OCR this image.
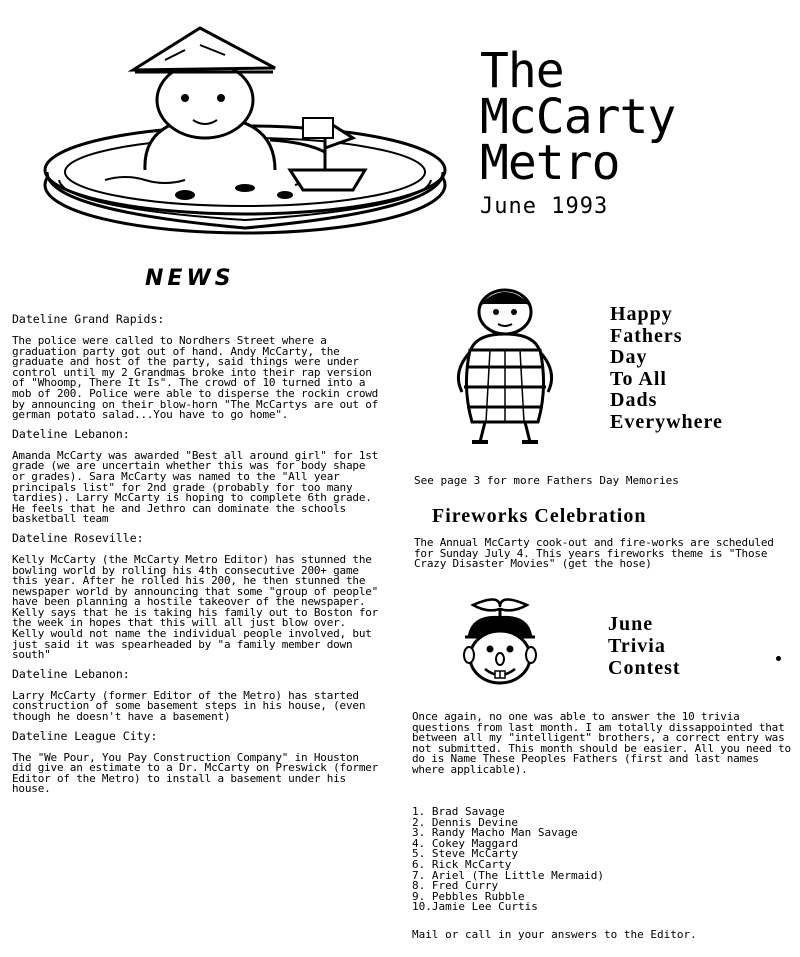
The
McCarty
Metro
June 1993
NEWS

Dateline Grand Rapids:

The police were called to Nordhers Street where a graduation party got out of hand. Andy McCarty, the graduate and host of the party, said things were under control until my 2 Grandmas broke into their rap version of "Whoomp, There It Is". The crowd of 10 turned into a mob of 200. Police were able to disperse the rockin crowd by announcing on their blow-horn "The McCartys are out of german potato salad...You have to go home".

Dateline Lebanon:

Amanda McCarty was awarded "Best all around girl" for 1st grade (we are uncertain whether this was for body shape or grades). Sara McCarty was named to the "All year principals list" for 2nd grade (probably for too many tardies). Larry McCarty is hoping to complete 6th grade. He feels that he and Jethro can dominate the schools basketball team

Dateline Roseville:

Kelly McCarty (the McCarty Metro Editor) has stunned the bowling world by rolling his 4th consecutive 200+ game this year. After he rolled his 200, he then stunned the newspaper world by announcing that some "group of people" have been planning a hostile takeover of the newspaper. Kelly says that he is taking his family out to Boston for the week in hopes that this will all just blow over. Kelly would not name the individual people involved, but just said it was spearheaded by "a family member down south"

Dateline Lebanon:

Larry McCarty (former Editor of the Metro) has started construction of some basement steps in his house, (even though he doesn't have a basement)

Dateline League City:

The "We Pour, You Pay Construction Company" in Houston did give an estimate to a Dr. McCarty on Preswick (former Editor of the Metro) to install a basement under his house.

Happy
Fathers
Day
To All
Dads
Everywhere
See page 3 for more Fathers Day Memories
Fireworks Celebration
The Annual McCarty cook-out and fire-works are scheduled for Sunday July 4. This years fireworks theme is "Those Crazy Disaster Movies" (get the hose)
June
Trivia
Contest
Once again, no one was able to answer the 10 trivia questions from last month. I am totally dissappointed that between all my "intelligent" brothers, a correct entry was not submitted. This month should be easier. All you need to do is Name These Peoples Fathers (first and last names where applicable).
1. Brad Savage
2. Dennis Devine
3. Randy Macho Man Savage
4. Cokey Maggard
5. Steve McCarty
6. Rick McCarty
7. Ariel (The Little Mermaid)
8. Fred Curry
9. Pebbles Rubble
10.Jamie Lee Curtis
Mail or call in your answers to the Editor.
